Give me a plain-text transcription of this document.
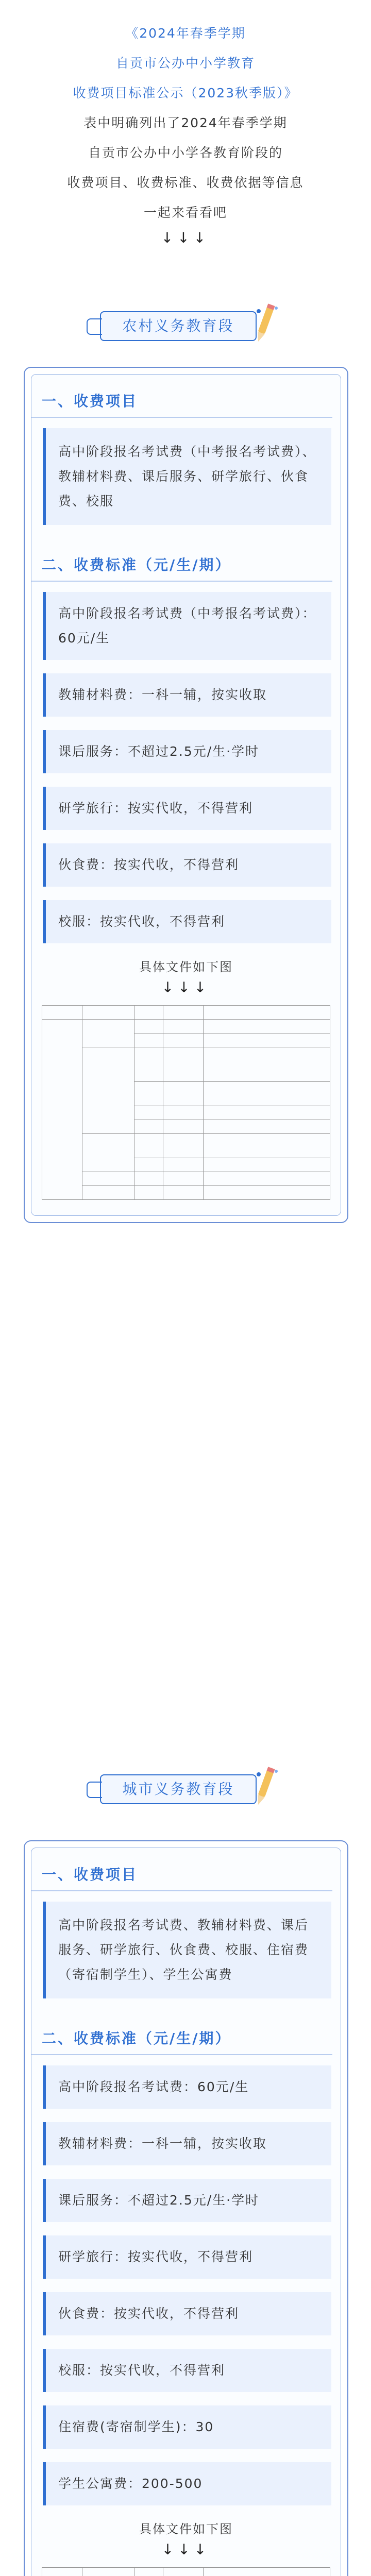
《2024年春季学期
自贡市公办中小学教育
收费项目标准公示（2023秋季版）》
表中明确列出了2024年春季学期
自贡市公办中小学各教育阶段的
收费项目、收费标准、收费依据等信息
一起来看看吧
↓↓↓
农村义务教育段
一、收费项目
高中阶段报名考试费（中考报名考试费）、教辅材料费、课后服务、研学旅行、伙食费、校服
二、收费标准（元/生/期）
高中阶段报名考试费（中考报名考试费）：60元/生
教辅材料费：一科一辅，按实收取
课后服务：不超过2.5元/生·学时
研学旅行：按实代收，不得营利
伙食费：按实代收，不得营利
校服：按实代收，不得营利
具体文件如下图
↓↓↓

城市义务教育段
一、收费项目
高中阶段报名考试费、教辅材料费、课后服务、研学旅行、伙食费、校服、住宿费（寄宿制学生）、学生公寓费
二、收费标准（元/生/期）
高中阶段报名考试费：60元/生
教辅材料费：一科一辅，按实收取
课后服务：不超过2.5元/生·学时
研学旅行：按实代收，不得营利
伙食费：按实代收，不得营利
校服：按实代收，不得营利
住宿费(寄宿制学生)：30
学生公寓费：200-500
具体文件如下图
↓↓↓
